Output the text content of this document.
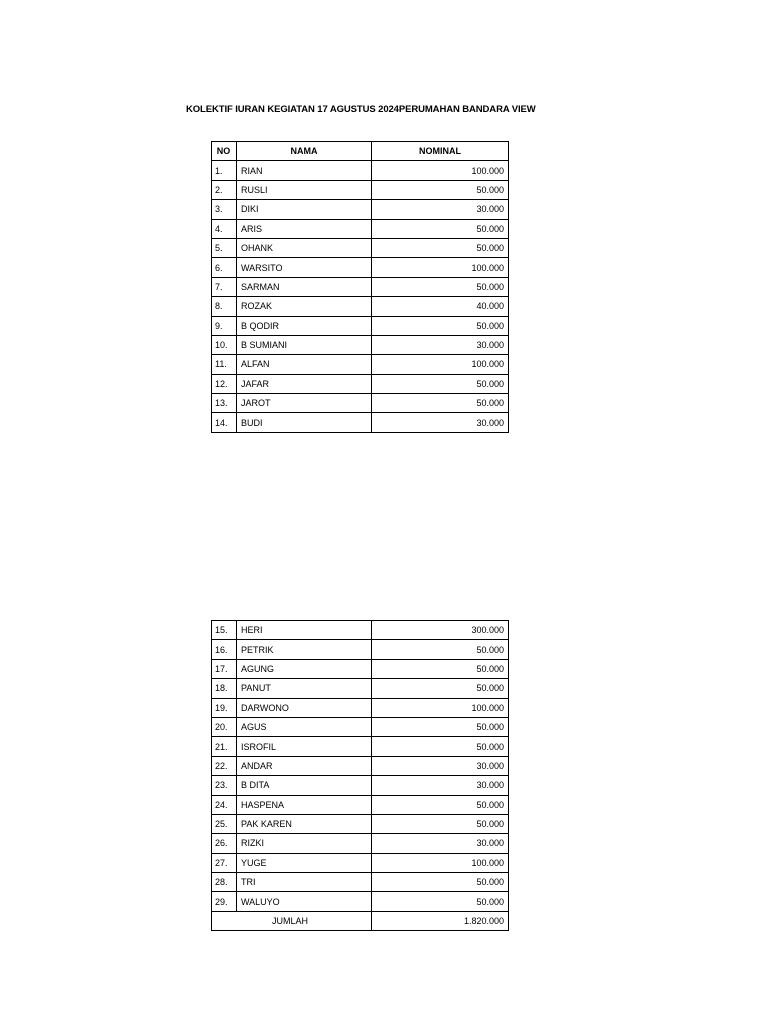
KOLEKTIF IURAN KEGIATAN 17 AGUSTUS 2024PERUMAHAN BANDARA VIEW
NO	NAMA	NOMINAL
1.	RIAN	100.000
2.	RUSLI	50.000
3.	DIKI	30.000
4.	ARIS	50.000
5.	OHANK	50.000
6.	WARSITO	100.000
7.	SARMAN	50.000
8.	ROZAK	40.000
9.	B QODIR	50.000
10.	B SUMIANI	30.000
11.	ALFAN	100.000
12.	JAFAR	50.000
13.	JAROT	50.000
14.	BUDI	30.000
15.	HERI	300.000
16.	PETRIK	50.000
17.	AGUNG	50.000
18.	PANUT	50.000
19.	DARWONO	100.000
20.	AGUS	50.000
21.	ISROFIL	50.000
22.	ANDAR	30.000
23.	B DITA	30.000
24.	HASPENA	50.000
25.	PAK KAREN	50.000
26.	RIZKI	30.000
27.	YUGE	100.000
28.	TRI	50.000
29.	WALUYO	50.000
JUMLAH		1.820.000
